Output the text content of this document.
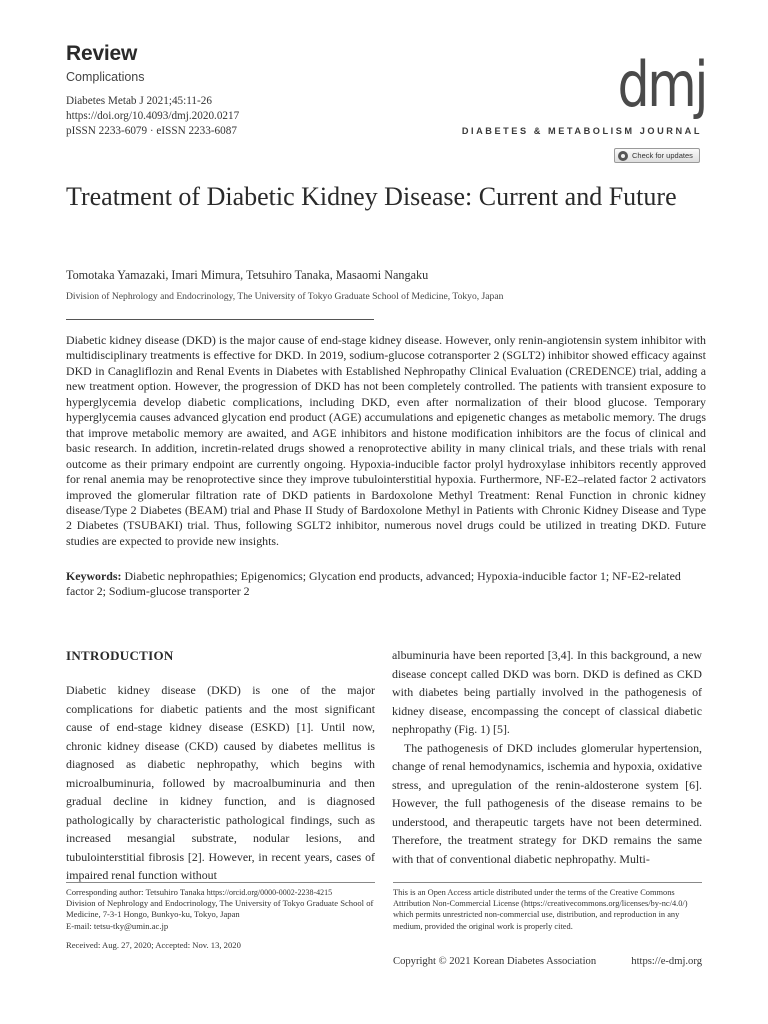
Review
Complications
Diabetes Metab J 2021;45:11-26
https://doi.org/10.4093/dmj.2020.0217
pISSN 2233-6079 · eISSN 2233-6087
dmj
DIABETES & METABOLISM JOURNAL
Check for updates
Treatment of Diabetic Kidney Disease: Current and Future
Tomotaka Yamazaki, Imari Mimura, Tetsuhiro Tanaka, Masaomi Nangaku
Division of Nephrology and Endocrinology, The University of Tokyo Graduate School of Medicine, Tokyo, Japan

Diabetic kidney disease (DKD) is the major cause of end-stage kidney disease. However, only renin-angiotensin system inhibitor with multidisciplinary treatments is effective for DKD. In 2019, sodium-glucose cotransporter 2 (SGLT2) inhibitor showed efficacy against DKD in Canagliflozin and Renal Events in Diabetes with Established Nephropathy Clinical Evaluation (CREDENCE) trial, adding a new treatment option. However, the progression of DKD has not been completely controlled. The patients with transient exposure to hyperglycemia develop diabetic complications, including DKD, even after normalization of their blood glucose. Temporary hyperglycemia causes advanced glycation end product (AGE) accumulations and epigenetic changes as metabolic memory. The drugs that improve metabolic memory are awaited, and AGE inhibitors and histone modification inhibitors are the focus of clinical and basic research. In addition, incretin-related drugs showed a renoprotective ability in many clinical trials, and these trials with renal outcome as their primary endpoint are currently ongoing. Hypoxia-inducible factor prolyl hydroxylase inhibitors recently approved for renal anemia may be renoprotective since they improve tubulointerstitial hypoxia. Furthermore, NF-E2–related factor 2 activators improved the glomerular filtration rate of DKD patients in Bardoxolone Methyl Treatment: Renal Function in chronic kidney disease/Type 2 Diabetes (BEAM) trial and Phase II Study of Bardoxolone Methyl in Patients with Chronic Kidney Disease and Type 2 Diabetes (TSUBAKI) trial. Thus, following SGLT2 inhibitor, numerous novel drugs could be utilized in treating DKD. Future studies are expected to provide new insights.

Keywords: Diabetic nephropathies; Epigenomics; Glycation end products, advanced; Hypoxia-inducible factor 1; NF-E2-related factor 2; Sodium-glucose transporter 2

INTRODUCTION

Diabetic kidney disease (DKD) is one of the major complications for diabetic patients and the most significant cause of end-stage kidney disease (ESKD) [1]. Until now, chronic kidney disease (CKD) caused by diabetes mellitus is diagnosed as diabetic nephropathy, which begins with microalbuminuria, followed by macroalbuminuria and then gradual decline in kidney function, and is diagnosed pathologically by characteristic pathological findings, such as increased mesangial substrate, nodular lesions, and tubulointerstitial fibrosis [2]. However, in recent years, cases of impaired renal function without

albuminuria have been reported [3,4]. In this background, a new disease concept called DKD was born. DKD is defined as CKD with diabetes being partially involved in the pathogenesis of kidney disease, encompassing the concept of classical diabetic nephropathy (Fig. 1) [5].

The pathogenesis of DKD includes glomerular hypertension, change of renal hemodynamics, ischemia and hypoxia, oxidative stress, and upregulation of the renin-aldosterone system [6]. However, the full pathogenesis of the disease remains to be understood, and therapeutic targets have not been determined. Therefore, the treatment strategy for DKD remains the same with that of conventional diabetic nephropathy. Multi-

Corresponding author: Tetsuhiro Tanaka https://orcid.org/0000-0002-2238-4215
Division of Nephrology and Endocrinology, The University of Tokyo Graduate School of Medicine, 7-3-1 Hongo, Bunkyo-ku, Tokyo, Japan
E-mail: tetsu-tky@umin.ac.jp
Received: Aug. 27, 2020; Accepted: Nov. 13, 2020
This is an Open Access article distributed under the terms of the Creative Commons Attribution Non-Commercial License (https://creativecommons.org/licenses/by-nc/4.0/) which permits unrestricted non-commercial use, distribution, and reproduction in any medium, provided the original work is properly cited.
Copyright © 2021 Korean Diabetes Association	https://e-dmj.org
